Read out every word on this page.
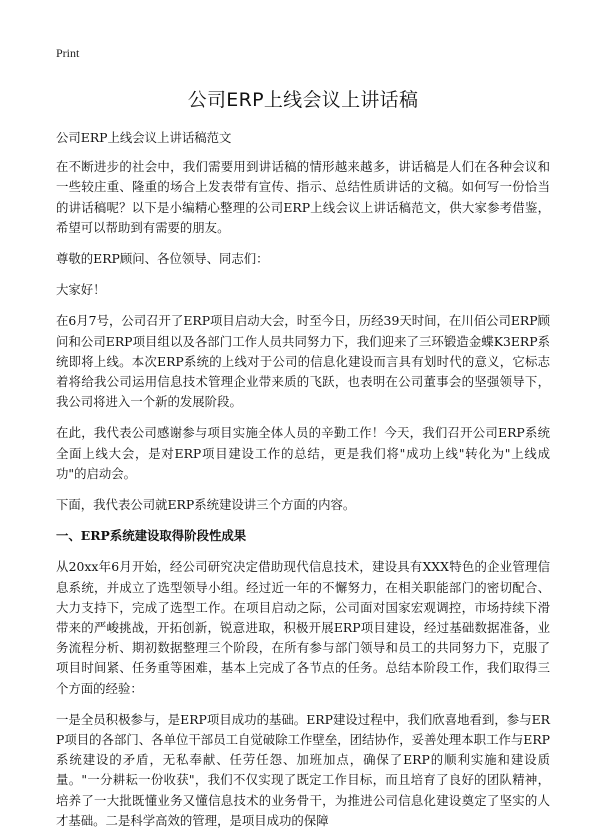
Print
公司ERP上线会议上讲话稿

公司ERP上线会议上讲话稿范文

在不断进步的社会中，我们需要用到讲话稿的情形越来越多，讲话稿是人们在各种会议和一些较庄重、隆重的场合上发表带有宣传、指示、总结性质讲话的文稿。如何写一份恰当的讲话稿呢？以下是小编精心整理的公司ERP上线会议上讲话稿范文，供大家参考借鉴，希望可以帮助到有需要的朋友。

尊敬的ERP顾问、各位领导、同志们：

大家好！

在6月7号，公司召开了ERP项目启动大会，时至今日，历经39天时间，在川佰公司ERP顾问和公司ERP项目组以及各部门工作人员共同努力下，我们迎来了三环锻造金蝶K3ERP系统即将上线。本次ERP系统的上线对于公司的信息化建设而言具有划时代的意义，它标志着将给我公司运用信息技术管理企业带来质的飞跃，也表明在公司董事会的坚强领导下，我公司将进入一个新的发展阶段。

在此，我代表公司感谢参与项目实施全体人员的辛勤工作！今天，我们召开公司ERP系统全面上线大会，是对ERP项目建设工作的总结，更是我们将"成功上线"转化为"上线成功"的启动会。

下面，我代表公司就ERP系统建设讲三个方面的内容。

一、ERP系统建设取得阶段性成果

从20xx年6月开始，经公司研究决定借助现代信息技术，建设具有XXX特色的企业管理信息系统，并成立了选型领导小组。经过近一年的不懈努力，在相关职能部门的密切配合、大力支持下，完成了选型工作。在项目启动之际，公司面对国家宏观调控，市场持续下滑带来的严峻挑战，开拓创新，锐意进取，积极开展ERP项目建设，经过基础数据准备，业务流程分析、期初数据整理三个阶段，在所有参与部门领导和员工的共同努力下，克服了项目时间紧、任务重等困难，基本上完成了各节点的任务。总结本阶段工作，我们取得三个方面的经验：

一是全员积极参与，是ERP项目成功的基础。ERP建设过程中，我们欣喜地看到，参与ERP项目的各部门、各单位干部员工自觉破除工作壁垒，团结协作，妥善处理本职工作与ERP系统建设的矛盾，无私奉献、任劳任怨、加班加点，确保了ERP的顺利实施和建设质量。"一分耕耘一份收获"，我们不仅实现了既定工作目标，而且培育了良好的团队精神，培养了一大批既懂业务又懂信息技术的业务骨干，为推进公司信息化建设奠定了坚实的人才基础。二是科学高效的管理，是项目成功的保障
